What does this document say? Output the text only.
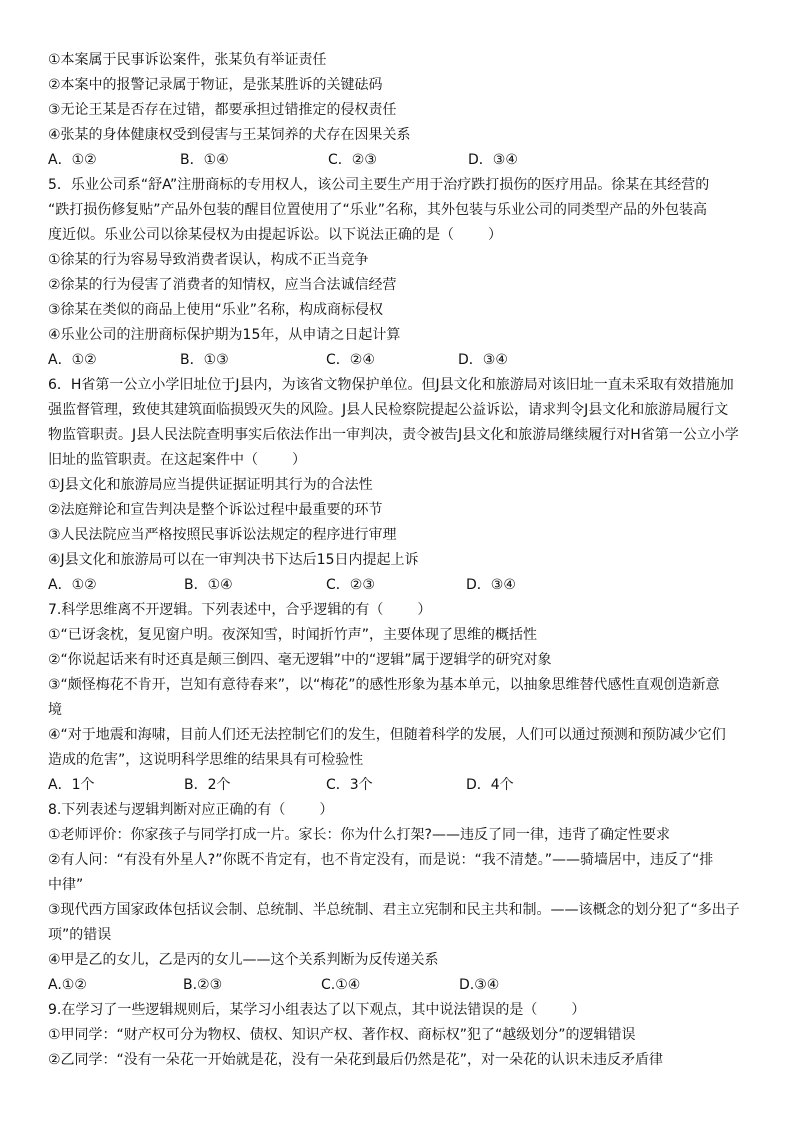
①本案属于民事诉讼案件，张某负有举证责任
②本案中的报警记录属于物证，是张某胜诉的关键砝码
③无论王某是否存在过错，都要承担过错推定的侵权责任
④张某的身体健康权受到侵害与王某饲养的犬存在因果关系
A．①②	B．①④	C．②③	D．③④
5．乐业公司系“舒A”注册商标的专用权人，该公司主要生产用于治疗跌打损伤的医疗用品。徐某在其经营的
“跌打损伤修复贴”产品外包装的醒目位置使用了“乐业”名称，其外包装与乐业公司的同类型产品的外包装高
度近似。乐业公司以徐某侵权为由提起诉讼。以下说法正确的是（ ）
①徐某的行为容易导致消费者误认，构成不正当竞争
②徐某的行为侵害了消费者的知情权，应当合法诚信经营
③徐某在类似的商品上使用“乐业”名称，构成商标侵权
④乐业公司的注册商标保护期为15年，从申请之日起计算
A．①②	B．①③	C．②④	D．③④
6．H省第一公立小学旧址位于J县内，为该省文物保护单位。但J县文化和旅游局对该旧址一直未采取有效措施加
强监督管理，致使其建筑面临损毁灭失的风险。J县人民检察院提起公益诉讼，请求判令J县文化和旅游局履行文
物监管职责。J县人民法院查明事实后依法作出一审判决，责令被告J县文化和旅游局继续履行对H省第一公立小学
旧址的监管职责。在这起案件中（ ）
①J县文化和旅游局应当提供证据证明其行为的合法性
②法庭辩论和宣告判决是整个诉讼过程中最重要的环节
③人民法院应当严格按照民事诉讼法规定的程序进行审理
④J县文化和旅游局可以在一审判决书下达后15日内提起上诉
A．①②	B．①④	C．②③	D．③④
7.科学思维离不开逻辑。下列表述中，合乎逻辑的有（ ）
①“已讶衾枕，复见窗户明。夜深知雪，时闻折竹声”，主要体现了思维的概括性
②“你说起话来有时还真是颠三倒四、毫无逻辑”中的“逻辑”属于逻辑学的研究对象
③“颇怪梅花不肯开，岂知有意待春来”，以“梅花”的感性形象为基本单元，以抽象思维替代感性直观创造新意
境
④“对于地震和海啸，目前人们还无法控制它们的发生，但随着科学的发展，人们可以通过预测和预防减少它们
造成的危害”，这说明科学思维的结果具有可检验性
A．1个	B．2个	C．3个	D．4个
8.下列表述与逻辑判断对应正确的有（ ）
①老师评价：你家孩子与同学打成一片。家长：你为什么打架?——违反了同一律，违背了确定性要求
②有人问：“有没有外星人?”你既不肯定有，也不肯定没有，而是说：“我不清楚。”——骑墙居中，违反了“排
中律”
③现代西方国家政体包括议会制、总统制、半总统制、君主立宪制和民主共和制。——该概念的划分犯了“多出子
项”的错误
④甲是乙的女儿，乙是丙的女儿——这个关系判断为反传递关系
A.①②	B.②③	C.①④	D.③④
9.在学习了一些逻辑规则后，某学习小组表达了以下观点，其中说法错误的是（ ）
①甲同学：“财产权可分为物权、债权、知识产权、著作权、商标权”犯了“越级划分”的逻辑错误
②乙同学：“没有一朵花一开始就是花，没有一朵花到最后仍然是花”，对一朵花的认识未违反矛盾律
